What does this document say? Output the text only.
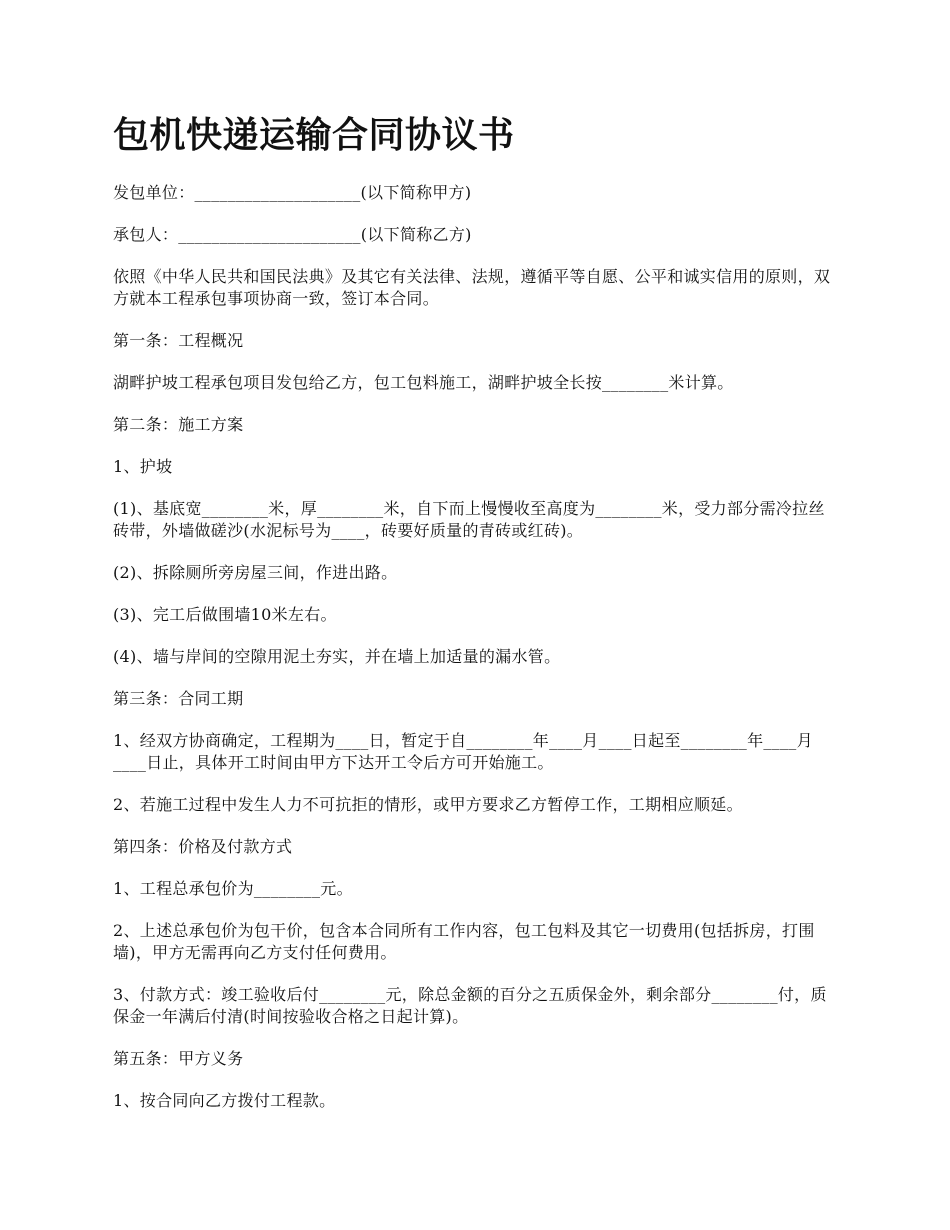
包机快递运输合同协议书

发包单位：____________________(以下简称甲方)

承包人：______________________(以下简称乙方)

依照《中华人民共和国民法典》及其它有关法律、法规，遵循平等自愿、公平和诚实信用的原则，双方就本工程承包事项协商一致，签订本合同。

第一条：工程概况

湖畔护坡工程承包项目发包给乙方，包工包料施工，湖畔护坡全长按________米计算。

第二条：施工方案

1、护坡

(1)、基底宽________米，厚________米，自下而上慢慢收至高度为________米，受力部分需冷拉丝砖带，外墙做磋沙(水泥标号为____，砖要好质量的青砖或红砖)。

(2)、拆除厕所旁房屋三间，作进出路。

(3)、完工后做围墙10米左右。

(4)、墙与岸间的空隙用泥土夯实，并在墙上加适量的漏水管。

第三条：合同工期

1、经双方协商确定，工程期为____日，暂定于自________年____月____日起至________年____月____日止，具体开工时间由甲方下达开工令后方可开始施工。

2、若施工过程中发生人力不可抗拒的情形，或甲方要求乙方暂停工作，工期相应顺延。

第四条：价格及付款方式

1、工程总承包价为________元。

2、上述总承包价为包干价，包含本合同所有工作内容，包工包料及其它一切费用(包括拆房，打围墙)，甲方无需再向乙方支付任何费用。

3、付款方式：竣工验收后付________元，除总金额的百分之五质保金外，剩余部分________付，质保金一年满后付清(时间按验收合格之日起计算)。

第五条：甲方义务

1、按合同向乙方拨付工程款。
